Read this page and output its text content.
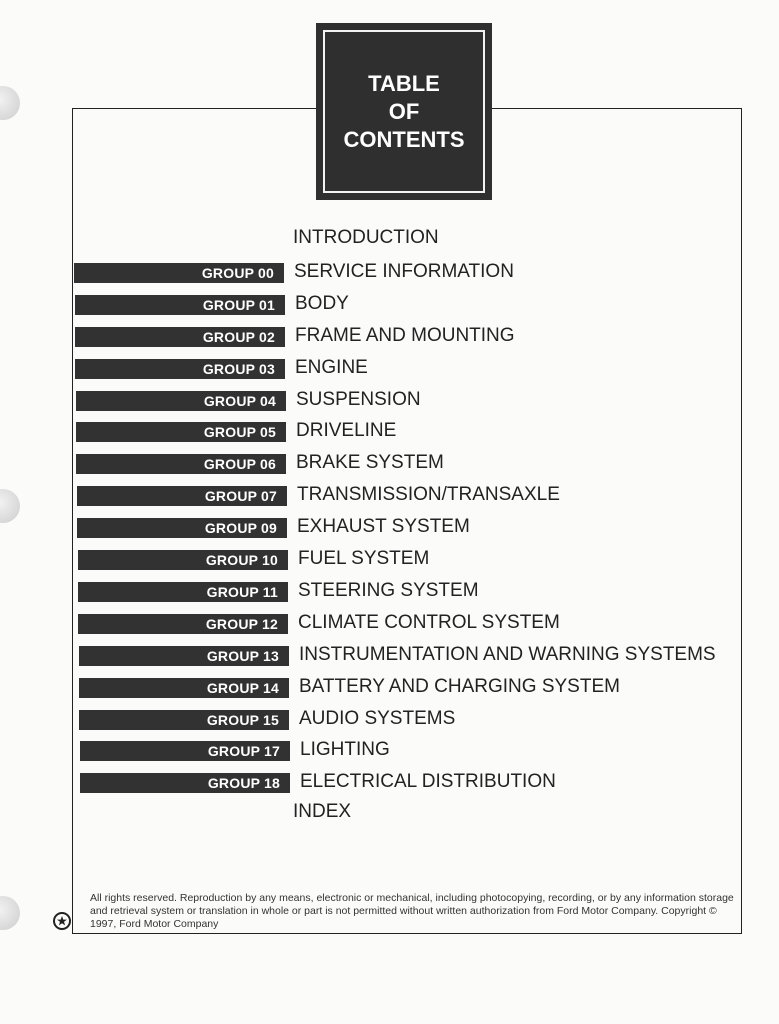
TABLE
OF
CONTENTS
INTRODUCTION
GROUP 00 SERVICE INFORMATION
GROUP 01 BODY
GROUP 02 FRAME AND MOUNTING
GROUP 03 ENGINE
GROUP 04 SUSPENSION
GROUP 05 DRIVELINE
GROUP 06 BRAKE SYSTEM
GROUP 07 TRANSMISSION/TRANSAXLE
GROUP 09 EXHAUST SYSTEM
GROUP 10 FUEL SYSTEM
GROUP 11 STEERING SYSTEM
GROUP 12 CLIMATE CONTROL SYSTEM
GROUP 13 INSTRUMENTATION AND WARNING SYSTEMS
GROUP 14 BATTERY AND CHARGING SYSTEM
GROUP 15 AUDIO SYSTEMS
GROUP 17 LIGHTING
GROUP 18 ELECTRICAL DISTRIBUTION
INDEX

All rights reserved. Reproduction by any means, electronic or mechanical, including photocopying, recording, or by any information storage and retrieval system or translation in whole or part is not permitted without written authorization from Ford Motor Company. Copyright © 1997, Ford Motor Company
